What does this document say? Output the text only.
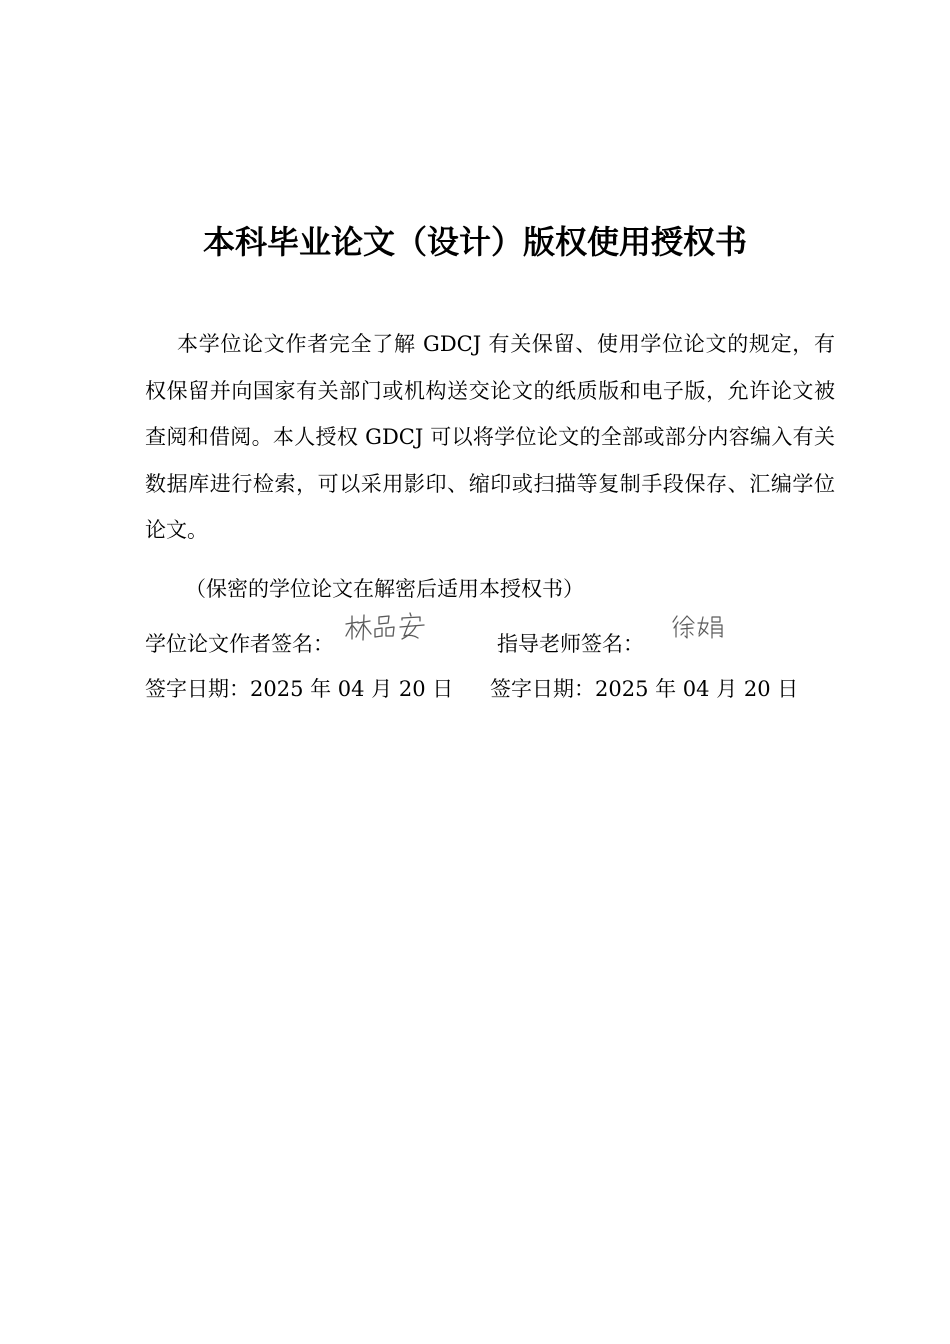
本科毕业论文（设计）版权使用授权书

本学位论文作者完全了解 GDCJ 有关保留、使用学位论文的规定，有权保留并向国家有关部门或机构送交论文的纸质版和电子版，允许论文被查阅和借阅。本人授权 GDCJ 可以将学位论文的全部或部分内容编入有关数据库进行检索，可以采用影印、缩印或扫描等复制手段保存、汇编学位论文。

（保密的学位论文在解密后适用本授权书）
学位论文作者签名：	指导老师签名：
签字日期：2025 年 04 月 20 日 签字日期：2025 年 04 月 20 日
